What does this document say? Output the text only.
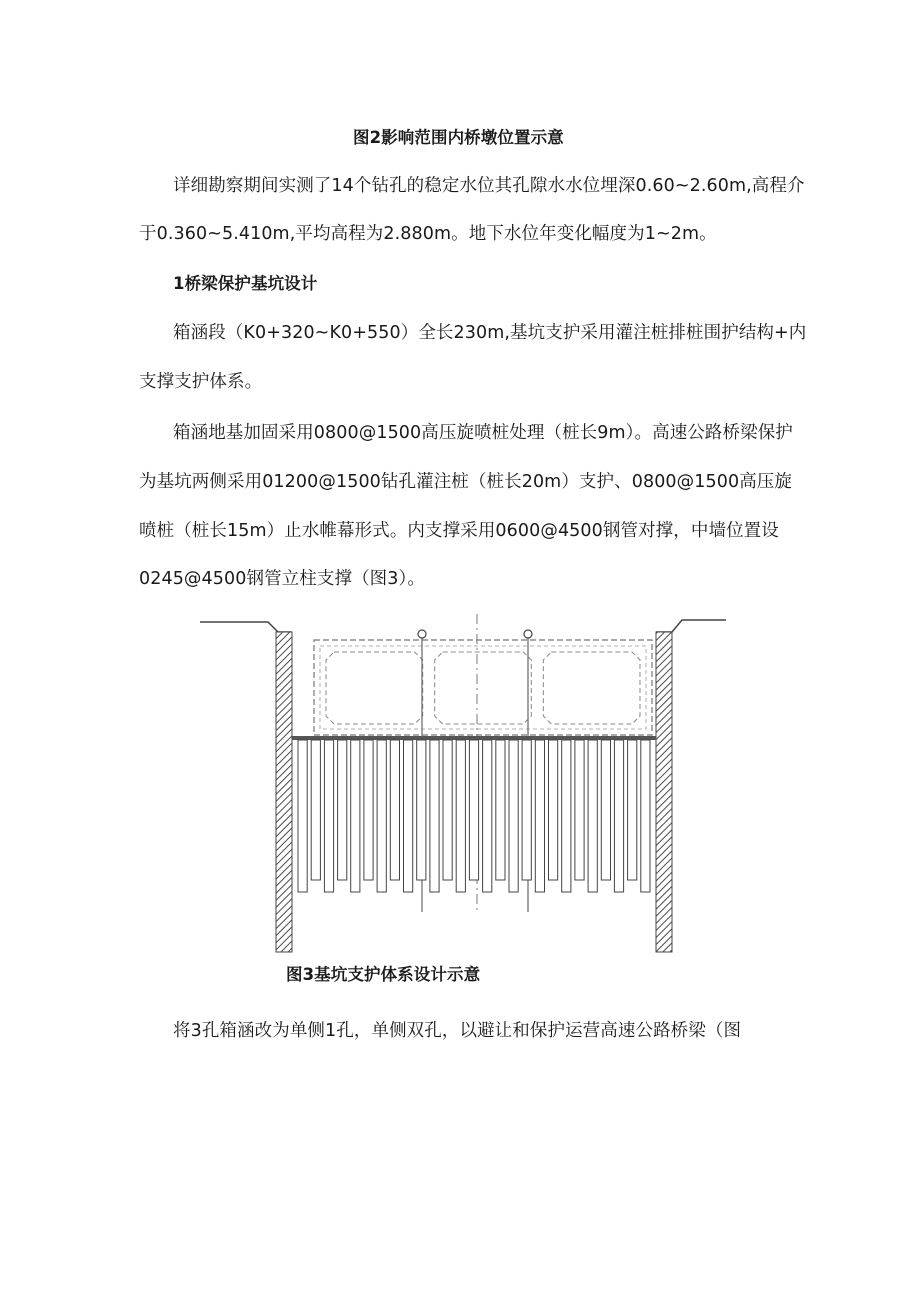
图2影响范围内桥墩位置示意
详细勘察期间实测了14个钻孔的稳定水位其孔隙水水位埋深0.60~2.60m,高程介
于0.360~5.410m,平均高程为2.880m。地下水位年变化幅度为1~2m。
1桥梁保护基坑设计
箱涵段（K0+320~K0+550）全长230m,基坑支护采用灌注桩排桩围护结构+内
支撑支护体系。
箱涵地基加固采用0800@1500高压旋喷桩处理（桩长9m）。高速公路桥梁保护
为基坑两侧采用01200@1500钻孔灌注桩（桩长20m）支护、0800@1500高压旋
喷桩（桩长15m）止水帷幕形式。内支撑采用0600@4500钢管对撑，中墙位置设
0245@4500钢管立柱支撑（图3）。
图3基坑支护体系设计示意
将3孔箱涵改为单侧1孔，单侧双孔，以避让和保护运营高速公路桥梁（图
